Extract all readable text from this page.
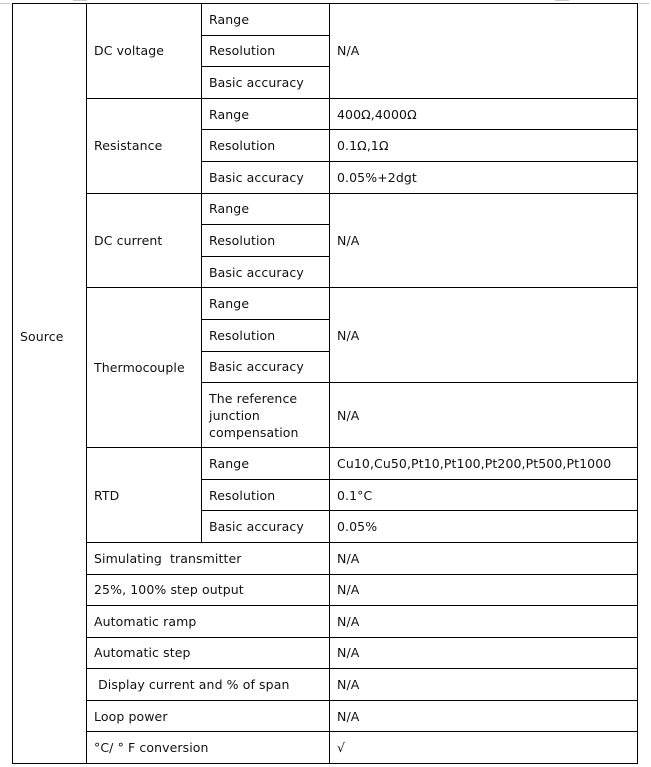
Source	DC voltage	Range	N/A
		Resolution	
		Basic accuracy	
	Resistance	Range	400Ω,4000Ω
		Resolution	0.1Ω,1Ω
		Basic accuracy	0.05%+2dgt
	DC current	Range	N/A
		Resolution	
		Basic accuracy	
	Thermocouple	Range	N/A
		Resolution	
		Basic accuracy	
		The reference junction compensation	N/A
	RTD	Range	Cu10,Cu50,Pt10,Pt100,Pt200,Pt500,Pt1000
		Resolution	0.1°C
		Basic accuracy	0.05%
	Simulating  transmitter		N/A
	25%, 100% step output		N/A
	Automatic ramp		N/A
	Automatic step		N/A
	Display current and % of span	N/A
	Loop power	N/A
	°C/ ° F conversion	√
